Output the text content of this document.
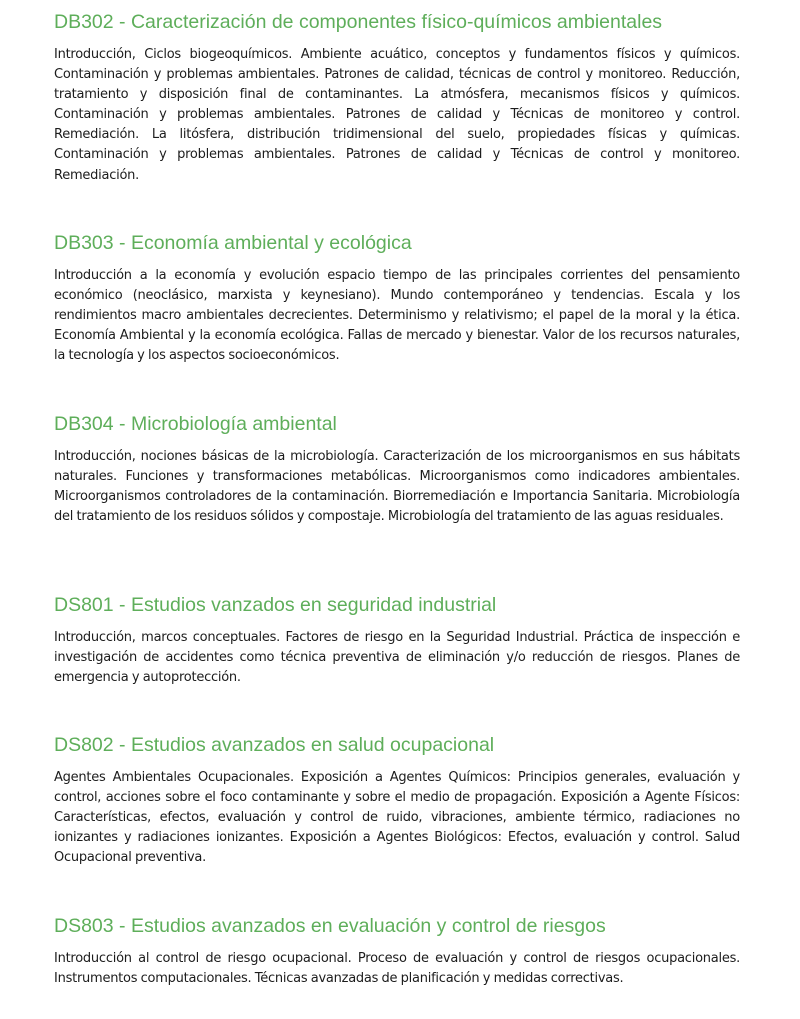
DB302 - Caracterización de componentes físico-químicos ambientales

Introducción, Ciclos biogeoquímicos. Ambiente acuático, conceptos y fundamentos físicos y químicos. Contaminación y problemas ambientales. Patrones de calidad, técnicas de control y monitoreo. Reducción, tratamiento y disposición final de contaminantes. La atmósfera, mecanismos físicos y químicos. Contaminación y problemas ambientales. Patrones de calidad y Técnicas de monitoreo y control. Remediación. La litósfera, distribución tridimensional del suelo, propiedades físicas y químicas. Contaminación y problemas ambientales. Patrones de calidad y Técnicas de control y monitoreo. Remediación.

DB303 - Economía ambiental y ecológica

Introducción a la economía y evolución espacio tiempo de las principales corrientes del pensamiento económico (neoclásico, marxista y keynesiano). Mundo contemporáneo y tendencias. Escala y los rendimientos macro ambientales decrecientes. Determinismo y relativismo; el papel de la moral y la ética. Economía Ambiental y la economía ecológica. Fallas de mercado y bienestar. Valor de los recursos naturales, la tecnología y los aspectos socioeconómicos.

DB304 - Microbiología ambiental

Introducción, nociones básicas de la microbiología. Caracterización de los microorganismos en sus hábitats naturales. Funciones y transformaciones metabólicas. Microorganismos como indicadores ambientales. Microorganismos controladores de la contaminación. Biorremediación e Importancia Sanitaria. Microbiología del tratamiento de los residuos sólidos y compostaje. Microbiología del tratamiento de las aguas residuales.

DS801 - Estudios vanzados en seguridad industrial

Introducción, marcos conceptuales. Factores de riesgo en la Seguridad Industrial. Práctica de inspección e investigación de accidentes como técnica preventiva de eliminación y/o reducción de riesgos. Planes de emergencia y autoprotección.

DS802 - Estudios avanzados en salud ocupacional

Agentes Ambientales Ocupacionales. Exposición a Agentes Químicos: Principios generales, evaluación y control, acciones sobre el foco contaminante y sobre el medio de propagación. Exposición a Agente Físicos: Características, efectos, evaluación y control de ruido, vibraciones, ambiente térmico, radiaciones no ionizantes y radiaciones ionizantes. Exposición a Agentes Biológicos: Efectos, evaluación y control. Salud Ocupacional preventiva.

DS803 - Estudios avanzados en evaluación y control de riesgos

Introducción al control de riesgo ocupacional. Proceso de evaluación y control de riesgos ocupacionales. Instrumentos computacionales. Técnicas avanzadas de planificación y medidas correctivas.
